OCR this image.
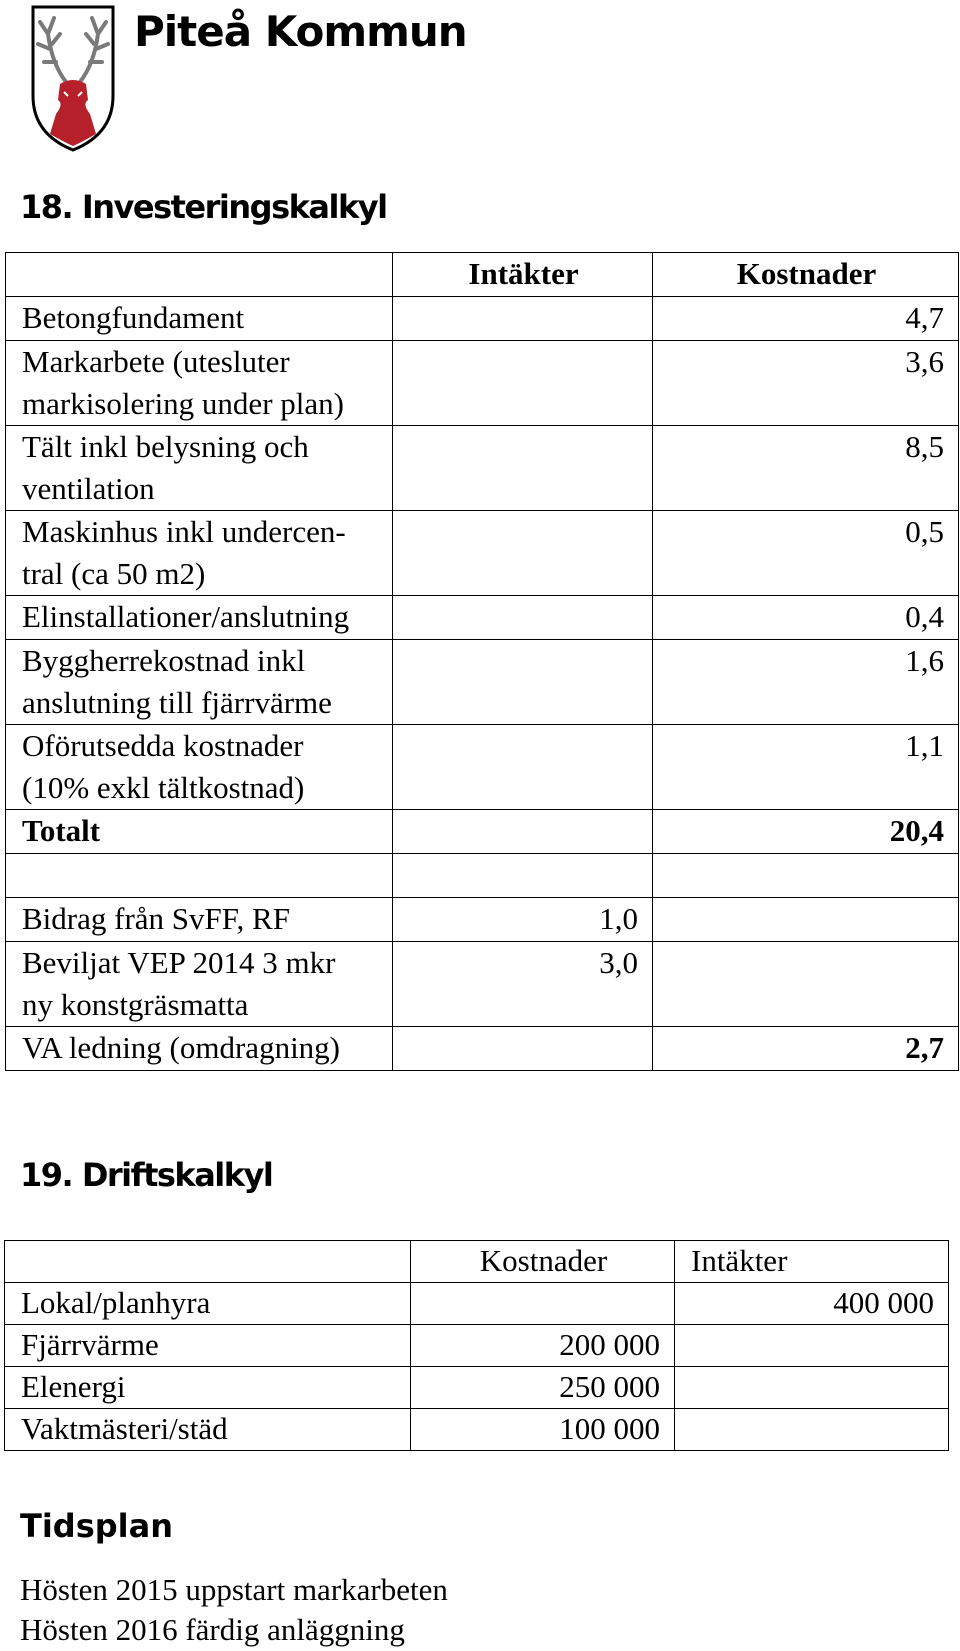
Piteå Kommun
18. Investeringskalkyl
	Intäkter	Kostnader

Betongfundament		4,7

Markarbete (utesluter
markisolering under plan)		3,6

Tält inkl belysning och
ventilation		8,5

Maskinhus inkl undercen-
tral (ca 50 m2)		0,5

Elinstallationer/anslutning		0,4

Byggherrekostnad inkl
anslutning till fjärrvärme		1,6

Oförutsedda kostnader
(10% exkl tältkostnad)		1,1
Totalt		20,4

Bidrag från SvFF, RF	1,0	

Beviljat VEP 2014 3 mkr
ny konstgräsmatta	3,0	
VA ledning (omdragning)		2,7
19. Driftskalkyl
	Kostnader	Intäkter
Lokal/planhyra		400 000
Fjärrvärme	200 000	
Elenergi	250 000	
Vaktmästeri/städ	100 000	
Tidsplan
Hösten 2015 uppstart markarbeten
Hösten 2016 färdig anläggning
